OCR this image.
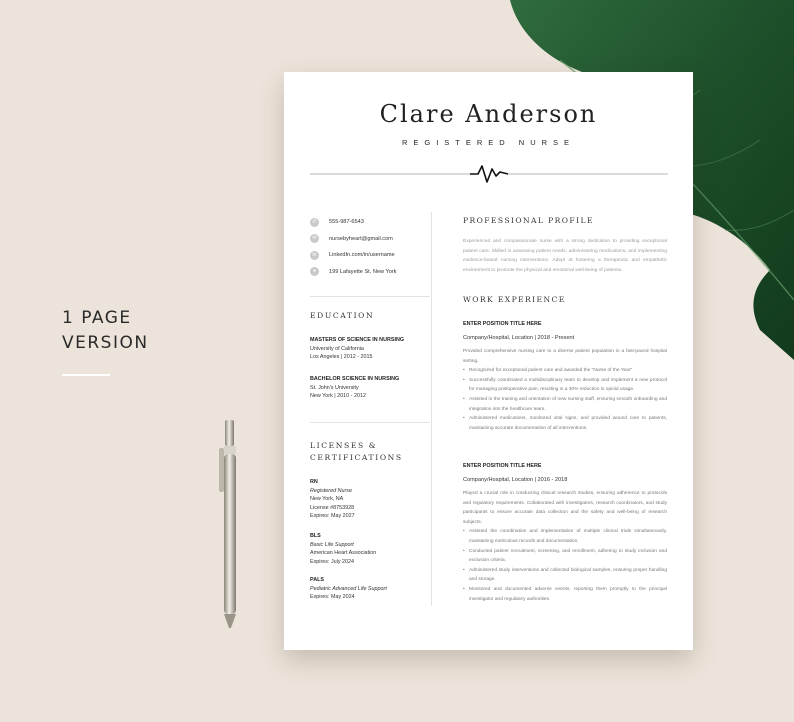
1 PAGE
VERSION
Clare Anderson
REGISTERED NURSE
✆	555-987-6543
✉	nursebyheart@gmail.com
in	LinkedIn.com/in/username
●	199 Lafayette St, New York
EDUCATION
MASTERS OF SCIENCE IN NURSING
University of California
Los Angeles | 2012 - 2015
BACHELOR SCIENCE IN NURSING
St. John's University
New York | 2010 - 2012
LICENSES &
CERTIFICATIONS
RN
Registered Nurse
New York, NA
License #8753928
Expires: May 2027
BLS
Basic Life Support
American Heart Association
Expires: July 2024
PALS
Pediatric Advanced Life Support
Expires: May 2024
PROFESSIONAL PROFILE
Experienced and compassionate nurse with a strong dedication to providing exceptional patient care. Skilled in assessing patient needs, administering medications, and implementing evidence-based nursing interventions. Adept at fostering a therapeutic and empathetic environment to promote the physical and emotional well-being of patients.
WORK EXPERIENCE
ENTER POSITION TITLE HERE
Company/Hospital, Location | 2018 - Present
Provided comprehensive nursing care to a diverse patient population in a fast-paced hospital setting.
• Recognized for exceptional patient care and awarded the "Nurse of the Year"
• Successfully coordinated a multidisciplinary team to develop and implement a new protocol for managing postoperative pain, resulting in a 30% reduction in opioid usage.
• Assisted in the training and orientation of new nursing staff, ensuring smooth onboarding and integration into the healthcare team.
• Administered medications, monitored vital signs, and provided wound care to patients, maintaining accurate documentation of all interventions.
ENTER POSITION TITLE HERE
Company/Hospital, Location | 2016 - 2018
Played a crucial role in conducting clinical research studies, ensuring adherence to protocols and regulatory requirements. Collaborated with investigators, research coordinators, and study participants to ensure accurate data collection and the safety and well-being of research subjects.
• Assisted the coordination and implementation of multiple clinical trials simultaneously, maintaining meticulous records and documentation.
• Conducted patient recruitment, screening, and enrollment, adhering to study inclusion and exclusion criteria.
• Administered study interventions and collected biological samples, ensuring proper handling and storage.
• Monitored and documented adverse events, reporting them promptly to the principal investigator and regulatory authorities.
